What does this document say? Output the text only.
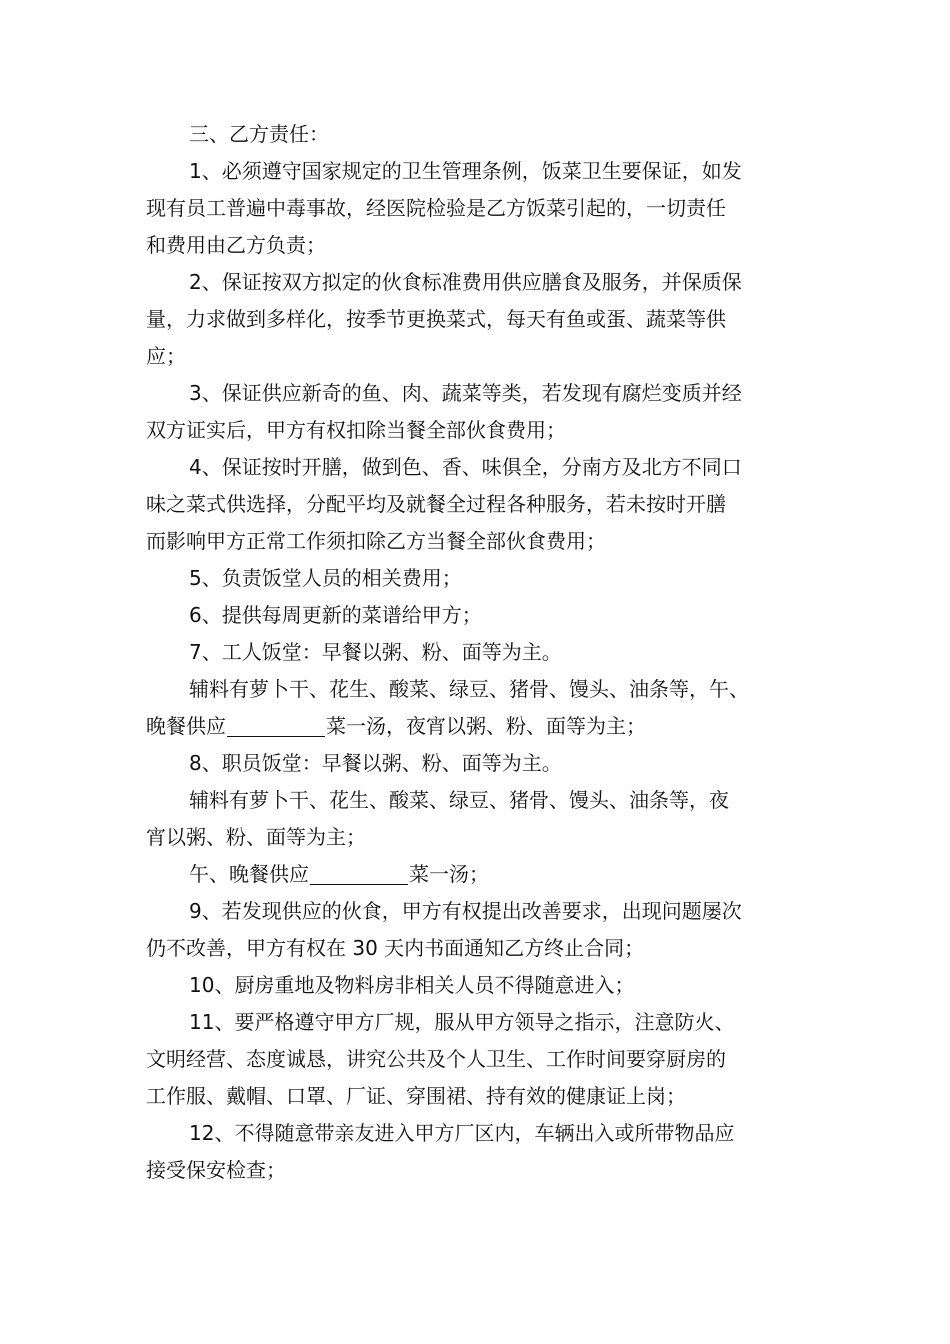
三、乙方责任：

1、必须遵守国家规定的卫生管理条例，饭菜卫生要保证，如发

现有员工普遍中毒事故，经医院检验是乙方饭菜引起的，一切责任

和费用由乙方负责；

2、保证按双方拟定的伙食标准费用供应膳食及服务，并保质保

量，力求做到多样化，按季节更换菜式，每天有鱼或蛋、蔬菜等供

应；

3、保证供应新奇的鱼、肉、蔬菜等类，若发现有腐烂变质并经

双方证实后，甲方有权扣除当餐全部伙食费用；

4、保证按时开膳，做到色、香、味俱全，分南方及北方不同口

味之菜式供选择，分配平均及就餐全过程各种服务，若未按时开膳

而影响甲方正常工作须扣除乙方当餐全部伙食费用；

5、负责饭堂人员的相关费用；

6、提供每周更新的菜谱给甲方；

7、工人饭堂：早餐以粥、粉、面等为主。

辅料有萝卜干、花生、酸菜、绿豆、猪骨、馒头、油条等，午、

晚餐供应	菜一汤，夜宵以粥、粉、面等为主；

8、职员饭堂：早餐以粥、粉、面等为主。

辅料有萝卜干、花生、酸菜、绿豆、猪骨、馒头、油条等，夜

宵以粥、粉、面等为主；

午、晚餐供应	菜一汤；

9、若发现供应的伙食，甲方有权提出改善要求，出现问题屡次

仍不改善，甲方有权在 30 天内书面通知乙方终止合同；

10、厨房重地及物料房非相关人员不得随意进入；

11、要严格遵守甲方厂规，服从甲方领导之指示，注意防火、

文明经营、态度诚恳，讲究公共及个人卫生、工作时间要穿厨房的

工作服、戴帽、口罩、厂证、穿围裙、持有效的健康证上岗；

12、不得随意带亲友进入甲方厂区内，车辆出入或所带物品应

接受保安检查；
